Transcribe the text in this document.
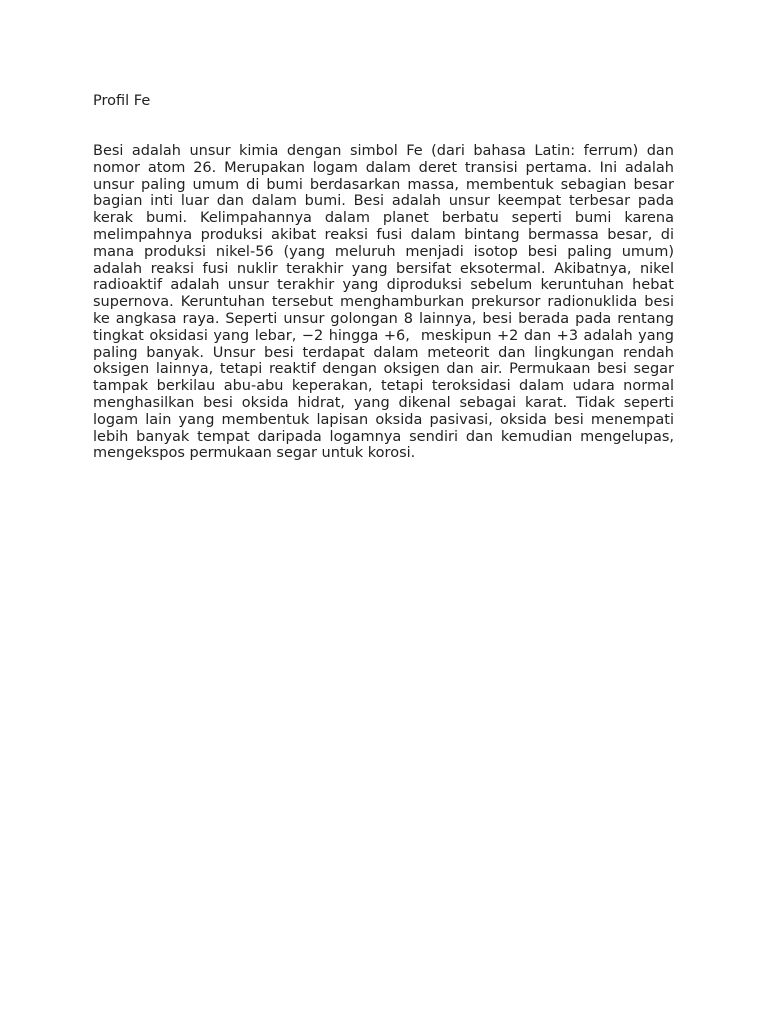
Profil Fe

Besi adalah unsur kimia dengan simbol Fe (dari bahasa Latin: ferrum) dan nomor atom 26. Merupakan logam dalam deret transisi pertama. Ini adalah unsur paling umum di bumi berdasarkan massa, membentuk sebagian besar bagian inti luar dan dalam bumi. Besi adalah unsur keempat terbesar pada kerak bumi. Kelimpahannya dalam planet berbatu seperti bumi karena melimpahnya produksi akibat reaksi fusi dalam bintang bermassa besar, di mana produksi nikel-56 (yang meluruh menjadi isotop besi paling umum) adalah reaksi fusi nuklir terakhir yang bersifat eksotermal. Akibatnya, nikel radioaktif adalah unsur terakhir yang diproduksi sebelum keruntuhan hebat supernova. Keruntuhan tersebut menghamburkan prekursor radionuklida besi ke angkasa raya. Seperti unsur golongan 8 lainnya, besi berada pada rentang tingkat oksidasi yang lebar, −2 hingga +6,  meskipun +2 dan +3 adalah yang paling banyak. Unsur besi terdapat dalam meteorit dan lingkungan rendah oksigen lainnya, tetapi reaktif dengan oksigen dan air. Permukaan besi segar tampak berkilau abu-abu keperakan, tetapi teroksidasi dalam udara normal menghasilkan besi oksida hidrat, yang dikenal sebagai karat. Tidak seperti logam lain yang membentuk lapisan oksida pasivasi, oksida besi menempati lebih banyak tempat daripada logamnya sendiri dan kemudian mengelupas, mengekspos permukaan segar untuk korosi.
